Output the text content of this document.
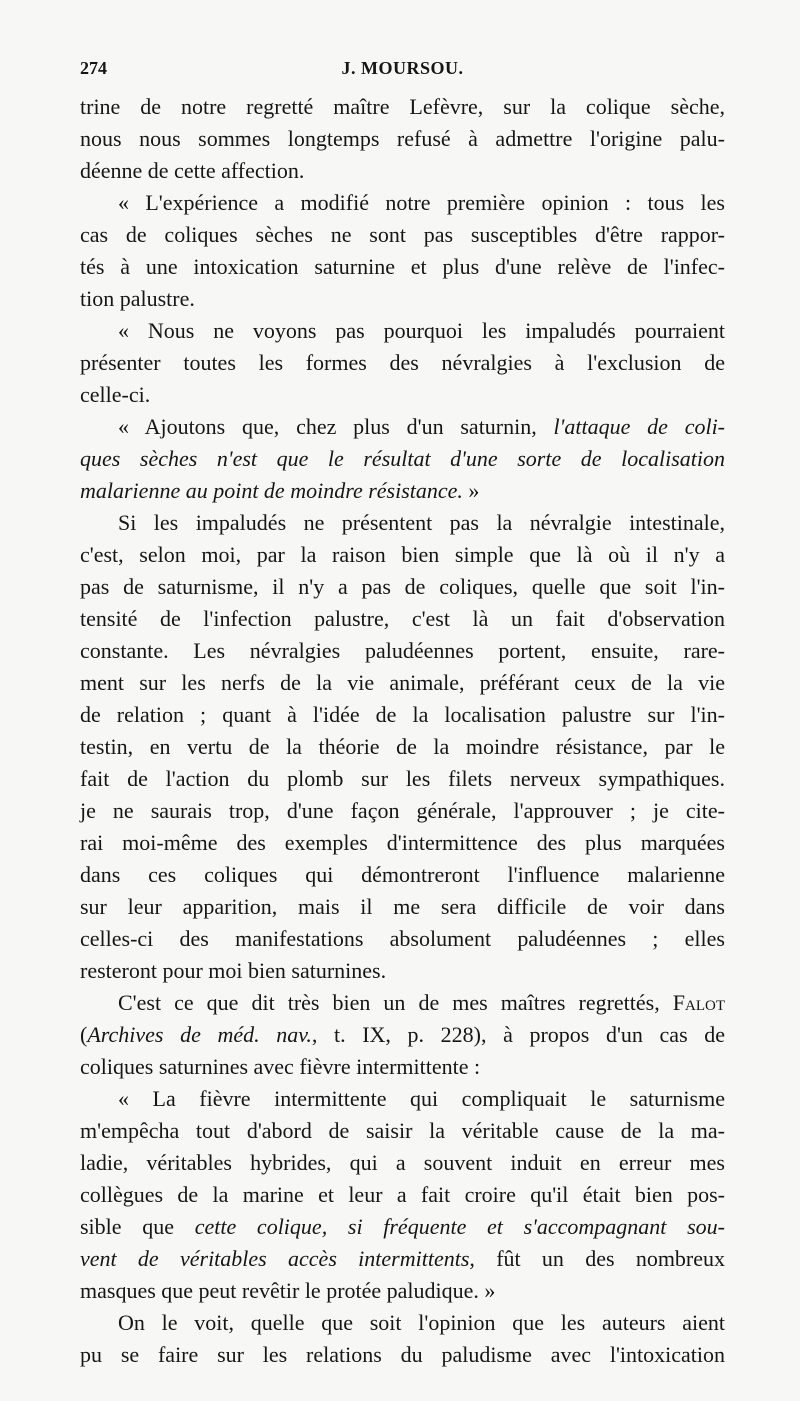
274	J. MOURSOU.
trine de notre regretté maître Lefèvre, sur la colique sèche,
nous nous sommes longtemps refusé à admettre l'origine palu-
déenne de cette affection.
« L'expérience a modifié notre première opinion : tous les
cas de coliques sèches ne sont pas susceptibles d'être rappor-
tés à une intoxication saturnine et plus d'une relève de l'infec-
tion palustre.
« Nous ne voyons pas pourquoi les impaludés pourraient
présenter toutes les formes des névralgies à l'exclusion de
celle-ci.
« Ajoutons que, chez plus d'un saturnin, l'attaque de coli-
ques sèches n'est que le résultat d'une sorte de localisation
malarienne au point de moindre résistance. »
Si les impaludés ne présentent pas la névralgie intestinale,
c'est, selon moi, par la raison bien simple que là où il n'y a
pas de saturnisme, il n'y a pas de coliques, quelle que soit l'in-
tensité de l'infection palustre, c'est là un fait d'observation
constante. Les névralgies paludéennes portent, ensuite, rare-
ment sur les nerfs de la vie animale, préférant ceux de la vie
de relation ; quant à l'idée de la localisation palustre sur l'in-
testin, en vertu de la théorie de la moindre résistance, par le
fait de l'action du plomb sur les filets nerveux sympathiques.
je ne saurais trop, d'une façon générale, l'approuver ; je cite-
rai moi-même des exemples d'intermittence des plus marquées
dans ces coliques qui démontreront l'influence malarienne
sur leur apparition, mais il me sera difficile de voir dans
celles-ci des manifestations absolument paludéennes ; elles
resteront pour moi bien saturnines.
C'est ce que dit très bien un de mes maîtres regrettés, Falot
(Archives de méd. nav., t. IX, p. 228), à propos d'un cas de
coliques saturnines avec fièvre intermittente :
« La fièvre intermittente qui compliquait le saturnisme
m'empêcha tout d'abord de saisir la véritable cause de la ma-
ladie, véritables hybrides, qui a souvent induit en erreur mes
collègues de la marine et leur a fait croire qu'il était bien pos-
sible que cette colique, si fréquente et s'accompagnant sou-
vent de véritables accès intermittents, fût un des nombreux
masques que peut revêtir le protée paludique. »
On le voit, quelle que soit l'opinion que les auteurs aient
pu se faire sur les relations du paludisme avec l'intoxication
